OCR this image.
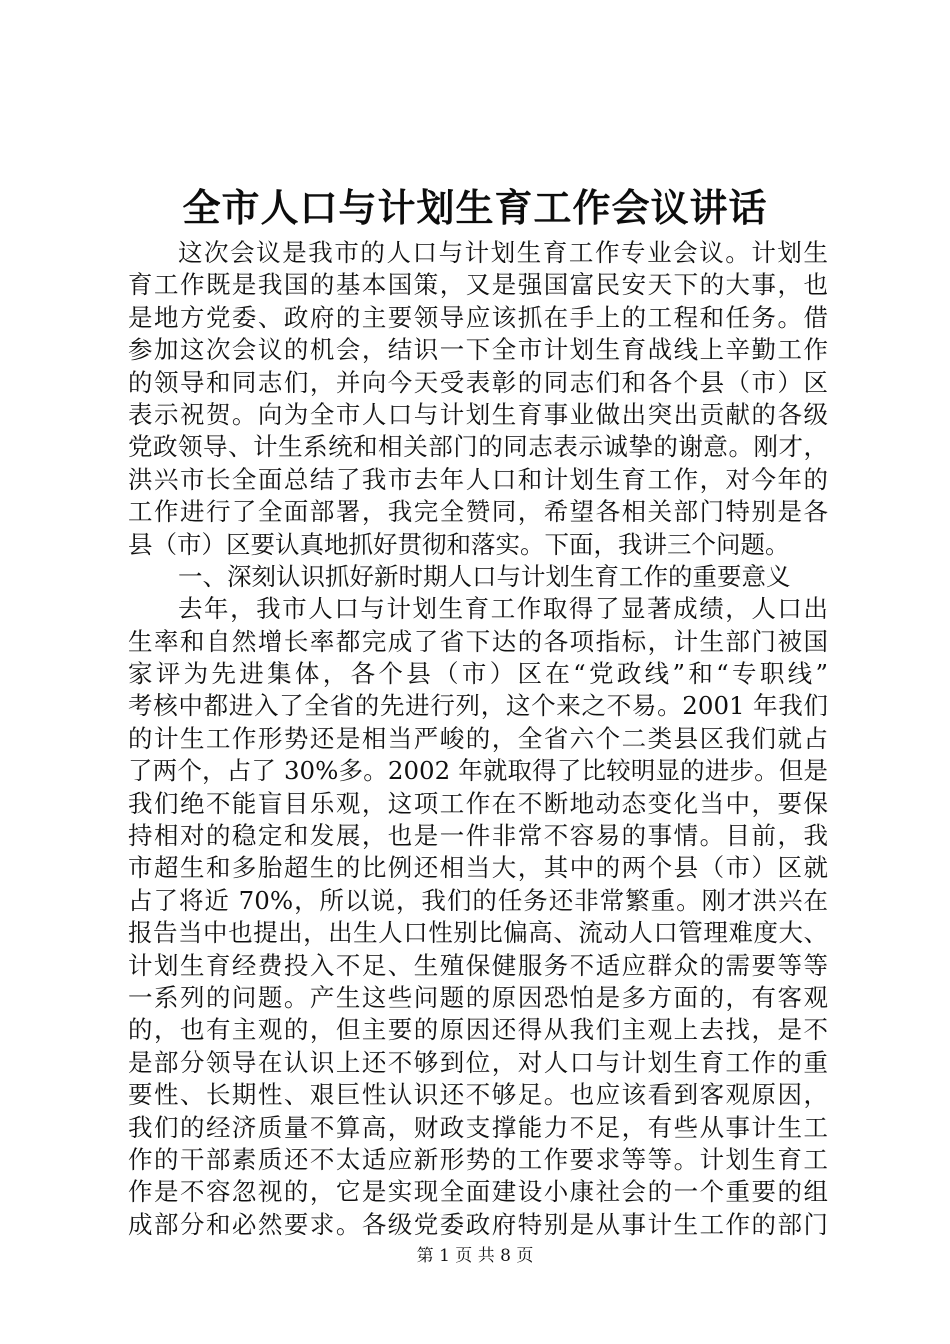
全市人口与计划生育工作会议讲话
这次会议是我市的人口与计划生育工作专业会议。计划生
育工作既是我国的基本国策，又是强国富民安天下的大事，也
是地方党委、政府的主要领导应该抓在手上的工程和任务。借
参加这次会议的机会，结识一下全市计划生育战线上辛勤工作
的领导和同志们，并向今天受表彰的同志们和各个县（市）区
表示祝贺。向为全市人口与计划生育事业做出突出贡献的各级
党政领导、计生系统和相关部门的同志表示诚挚的谢意。刚才，
洪兴市长全面总结了我市去年人口和计划生育工作，对今年的
工作进行了全面部署，我完全赞同，希望各相关部门特别是各
县（市）区要认真地抓好贯彻和落实。下面，我讲三个问题。
一、深刻认识抓好新时期人口与计划生育工作的重要意义
去年，我市人口与计划生育工作取得了显著成绩，人口出
生率和自然增长率都完成了省下达的各项指标，计生部门被国
家评为先进集体，各个县（市）区在“党政线”和“专职线”
考核中都进入了全省的先进行列，这个来之不易。2001 年我们
的计生工作形势还是相当严峻的，全省六个二类县区我们就占
了两个，占了 30%多。2002 年就取得了比较明显的进步。但是
我们绝不能盲目乐观，这项工作在不断地动态变化当中，要保
持相对的稳定和发展，也是一件非常不容易的事情。目前，我
市超生和多胎超生的比例还相当大，其中的两个县（市）区就
占了将近 70%，所以说，我们的任务还非常繁重。刚才洪兴在
报告当中也提出，出生人口性别比偏高、流动人口管理难度大、
计划生育经费投入不足、生殖保健服务不适应群众的需要等等
一系列的问题。产生这些问题的原因恐怕是多方面的，有客观
的，也有主观的，但主要的原因还得从我们主观上去找，是不
是部分领导在认识上还不够到位，对人口与计划生育工作的重
要性、长期性、艰巨性认识还不够足。也应该看到客观原因，
我们的经济质量不算高，财政支撑能力不足，有些从事计生工
作的干部素质还不太适应新形势的工作要求等等。计划生育工
作是不容忽视的，它是实现全面建设小康社会的一个重要的组
成部分和必然要求。各级党委政府特别是从事计生工作的部门
第 1 页 共 8 页
